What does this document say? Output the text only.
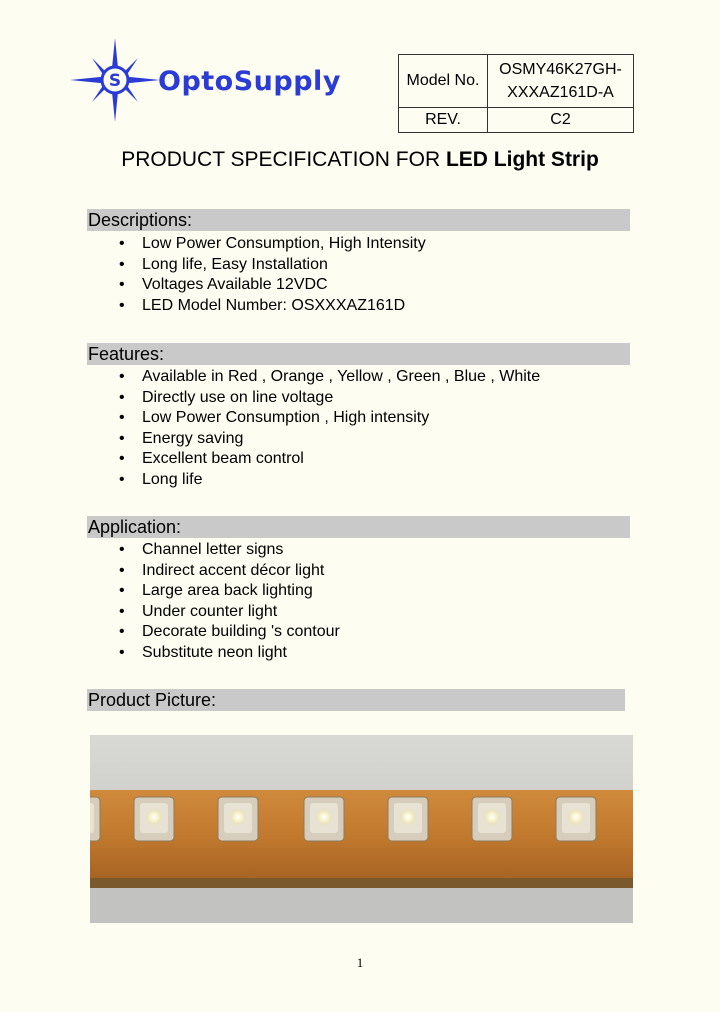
S OptoSupply	Model No.	OSMY46K27GH-
XXXAZ161D-A
REV.	C2
PRODUCT SPECIFICATION FOR LED Light Strip
Descriptions:
• Low Power Consumption, High Intensity
• Long life, Easy Installation
• Voltages Available 12VDC
• LED Model Number: OSXXXAZ161D
Features:
• Available in Red , Orange , Yellow , Green , Blue , White
• Directly use on line voltage
• Low Power Consumption , High intensity
• Energy saving
• Excellent beam control
• Long life
Application:
• Channel letter signs
• Indirect accent décor light
• Large area back lighting
• Under counter light
• Decorate building 's contour
• Substitute neon light
Product Picture:
1
